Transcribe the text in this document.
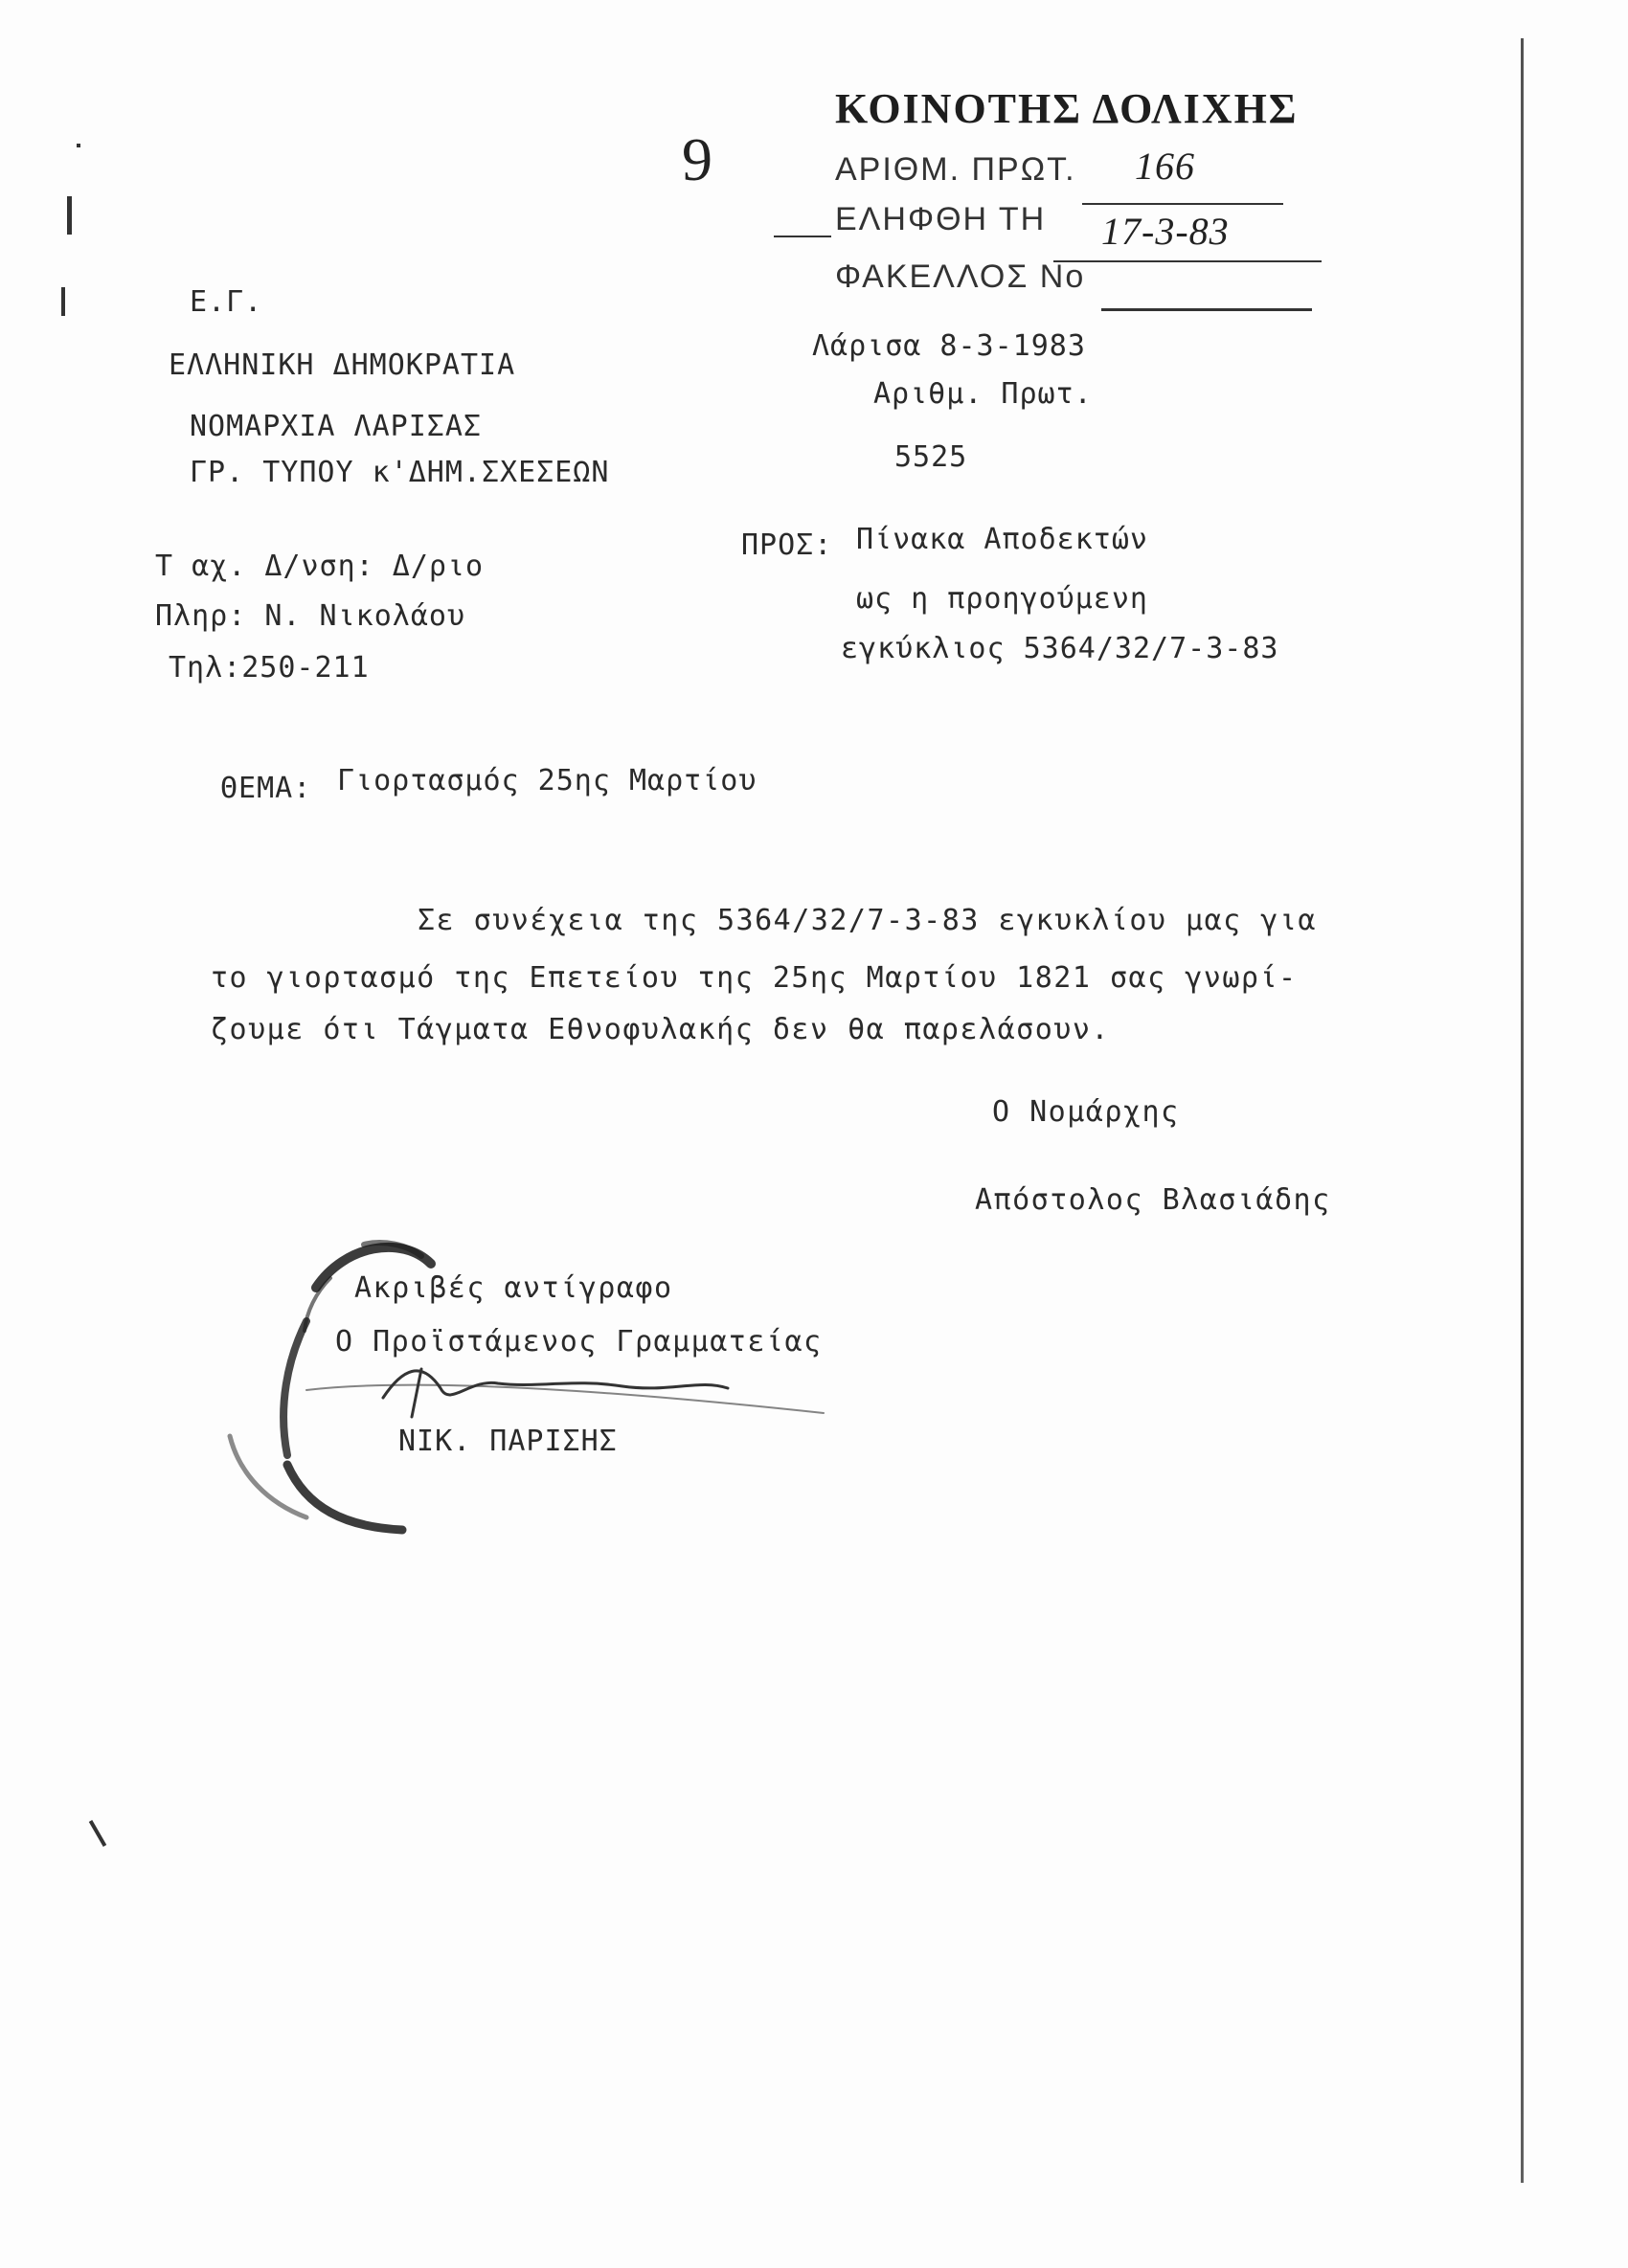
ΚΟΙΝΟΤΗΣ ΔΟΛΙΧΗΣ
ΑΡΙΘΜ. ΠΡΩΤ. 166
ΕΛΗΦΘΗ ΤΗ 17-3-83
ΦΑΚΕΛΛΟΣ Νο
9
Ε.Γ.
ΕΛΛΗΝΙΚΗ ΔΗΜΟΚΡΑΤΙΑ
ΝΟΜΑΡΧΙΑ ΛΑΡΙΣΑΣ
ΓΡ. ΤΥΠΟΥ κ'ΔΗΜ.ΣΧΕΣΕΩΝ
Τ αχ. Δ/νση: Δ/ριο
Πληρ: Ν. Νικολάου
Τηλ:250-211
Λάρισα 8-3-1983
Αριθμ. Πρωτ.
5525
ΠΡΟΣ: Πίνακα Αποδεκτών
ως η προηγούμενη
εγκύκλιος 5364/32/7-3-83
ΘΕΜΑ: Γιορτασμός 25ης Μαρτίου
Σε συνέχεια της 5364/32/7-3-83 εγκυκλίου μας για
το γιορτασμό της Επετείου της 25ης Μαρτίου 1821 σας γνωρί-
ζουμε ότι Τάγματα Εθνοφυλακής δεν θα παρελάσουν.
Ο Νομάρχης
Απόστολος Βλασιάδης
Ακριβές αντίγραφο
Ο Προϊστάμενος Γραμματείας
ΝΙΚ. ΠΑΡΙΣΗΣ
